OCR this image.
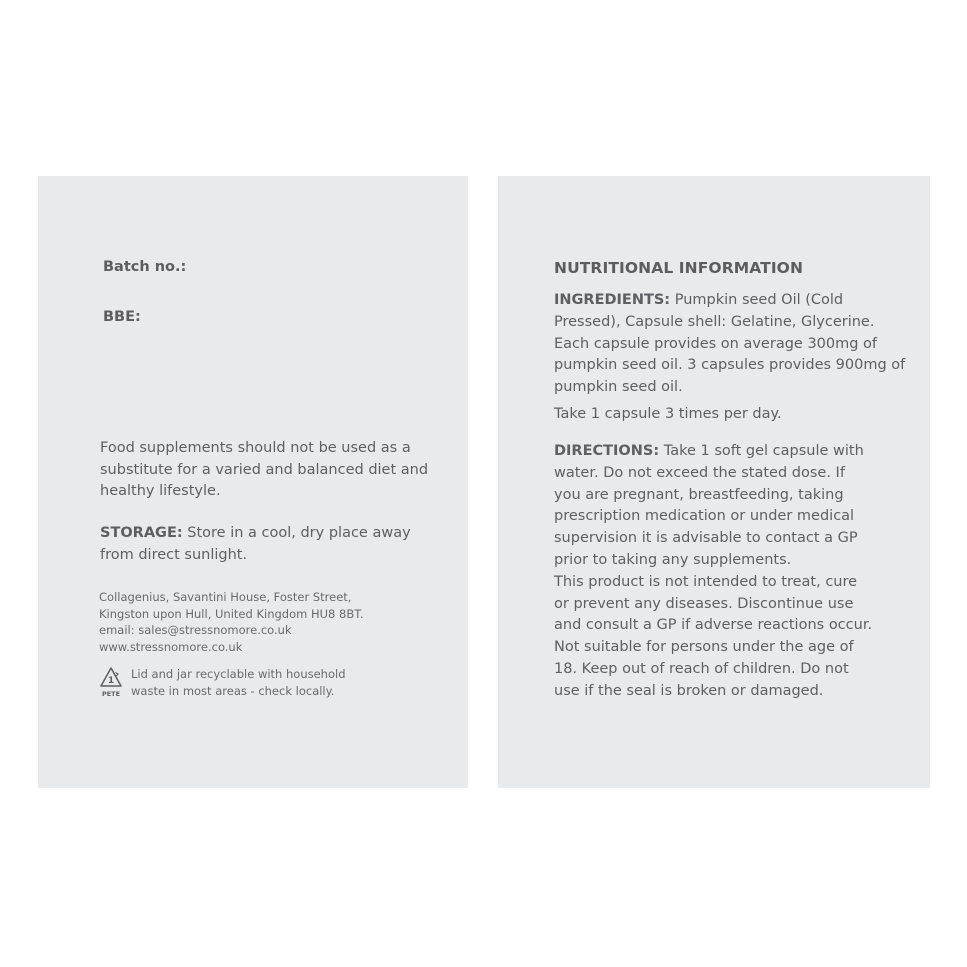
Batch no.:
BBE:
Food supplements should not be used as a substitute for a varied and balanced diet and healthy lifestyle.
STORAGE: Store in a cool, dry place away from direct sunlight.
Collagenius, Savantini House, Foster Street,
Kingston upon Hull, United Kingdom HU8 8BT.
email: sales@stressnomore.co.uk
www.stressnomore.co.uk
1
PETE
Lid and jar recyclable with household
waste in most areas - check locally.
NUTRITIONAL INFORMATION
INGREDIENTS: Pumpkin seed Oil (Cold Pressed), Capsule shell: Gelatine, Glycerine. Each capsule provides on average 300mg of pumpkin seed oil. 3 capsules provides 900mg of pumpkin seed oil.
Take 1 capsule 3 times per day.
DIRECTIONS: Take 1 soft gel capsule with
water. Do not exceed the stated dose. If
you are pregnant, breastfeeding, taking
prescription medication or under medical
supervision it is advisable to contact a GP
prior to taking any supplements.
This product is not intended to treat, cure
or prevent any diseases. Discontinue use
and consult a GP if adverse reactions occur.
Not suitable for persons under the age of
18. Keep out of reach of children. Do not
use if the seal is broken or damaged.
